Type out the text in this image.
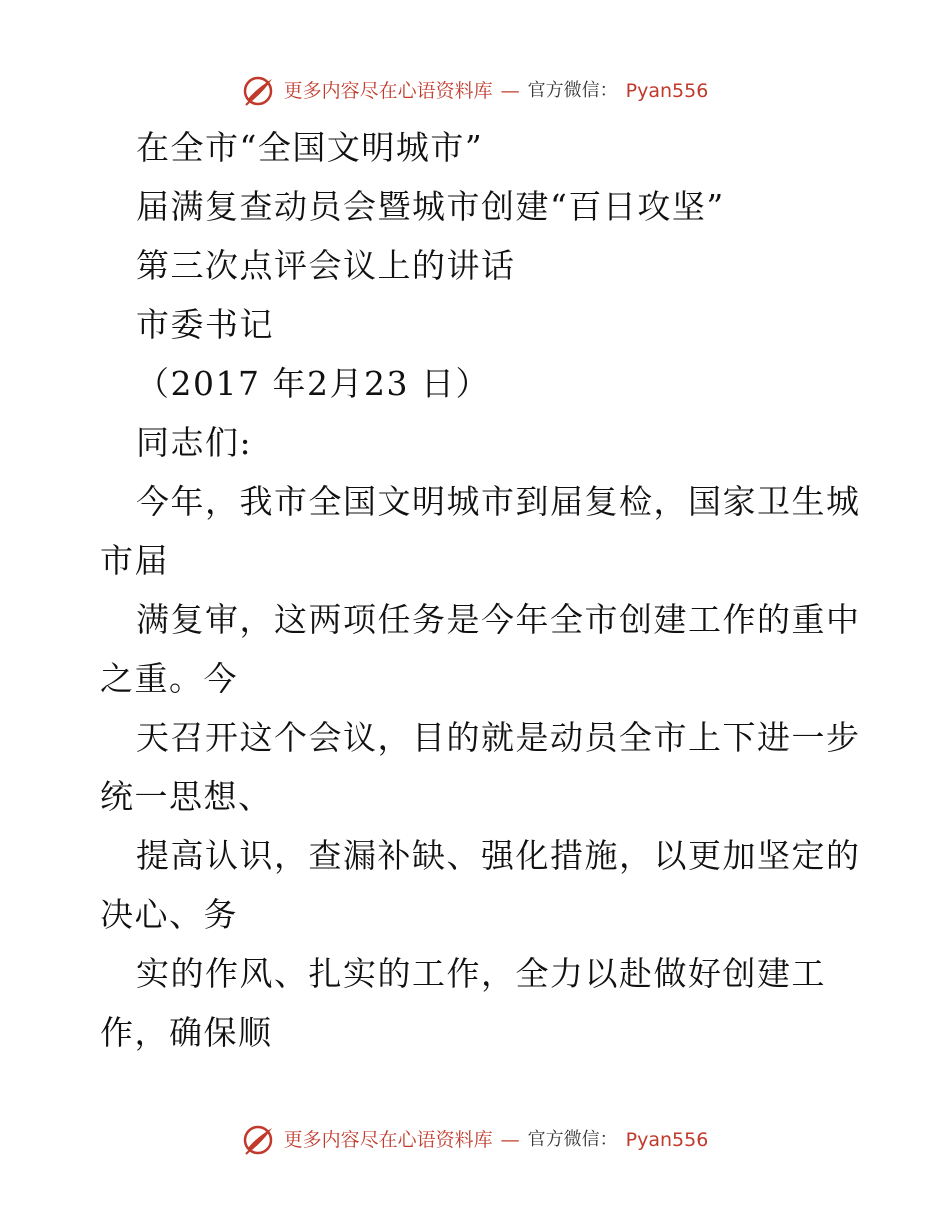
更多内容尽在心语资料库 — 官方微信： Pyan556
在全市“全国文明城市”
届满复查动员会暨城市创建“百日攻坚”
第三次点评会议上的讲话
市委书记
（2017 年2月23 日）
同志们:
今年，我市全国文明城市到届复检，国家卫生城
市届
满复审，这两项任务是今年全市创建工作的重中
之重。今
天召开这个会议，目的就是动员全市上下进一步
统一思想、
提高认识，查漏补缺、强化措施，以更加坚定的
决心、务
实的作风、扎实的工作，全力以赴做好创建工
作，确保顺
更多内容尽在心语资料库 — 官方微信： Pyan556
